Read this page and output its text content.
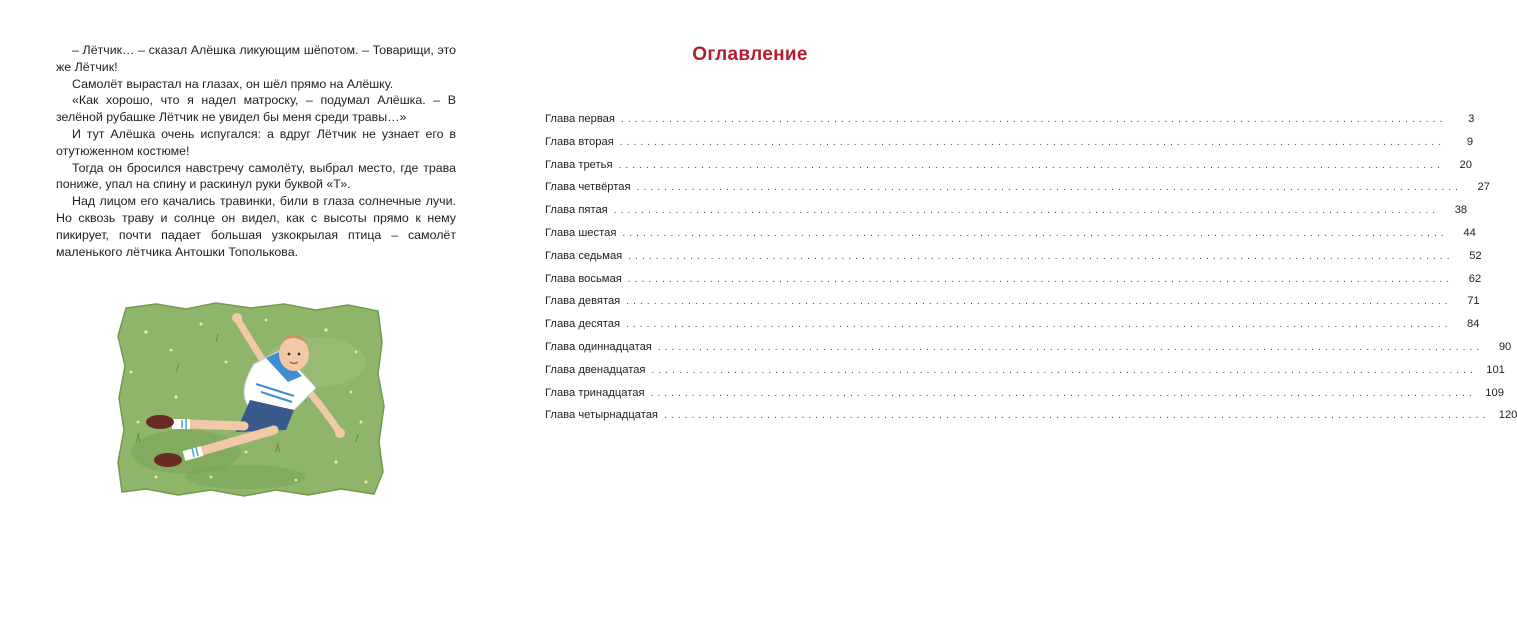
– Лётчик… – сказал Алёшка ликующим шёпотом. – Товарищи, это же Лётчик!

Самолёт вырастал на глазах, он шёл прямо на Алёшку.

«Как хорошо, что я надел матроску, – подумал Алёшка. – В зелёной рубашке Лётчик не увидел бы меня среди травы…»

И тут Алёшка очень испугался: а вдруг Лётчик не узнает его в отутюженном костюме!

Тогда он бросился навстречу самолёту, выбрал место, где трава пониже, упал на спину и раскинул руки буквой «Т».

Над лицом его качались травинки, били в глаза солнечные лучи. Но сквозь траву и солнце он видел, как с высоты прямо к нему пикирует, почти падает большая узкокрылая птица – самолёт маленького лётчика Антошки Тополькова.

Оглавление
Глава первая ........................................................................................................................	3
Глава вторая ........................................................................................................................	9
Глава третья ........................................................................................................................	20
Глава четвёртая ........................................................................................................................	27
Глава пятая ........................................................................................................................	38
Глава шестая ........................................................................................................................	44
Глава седьмая ........................................................................................................................	52
Глава восьмая ........................................................................................................................	62
Глава девятая ........................................................................................................................	71
Глава десятая ........................................................................................................................	84
Глава одиннадцатая ........................................................................................................................	90
Глава двенадцатая ........................................................................................................................ 101
Глава тринадцатая ........................................................................................................................ 109
Глава четырнадцатая ........................................................................................................................ 120
